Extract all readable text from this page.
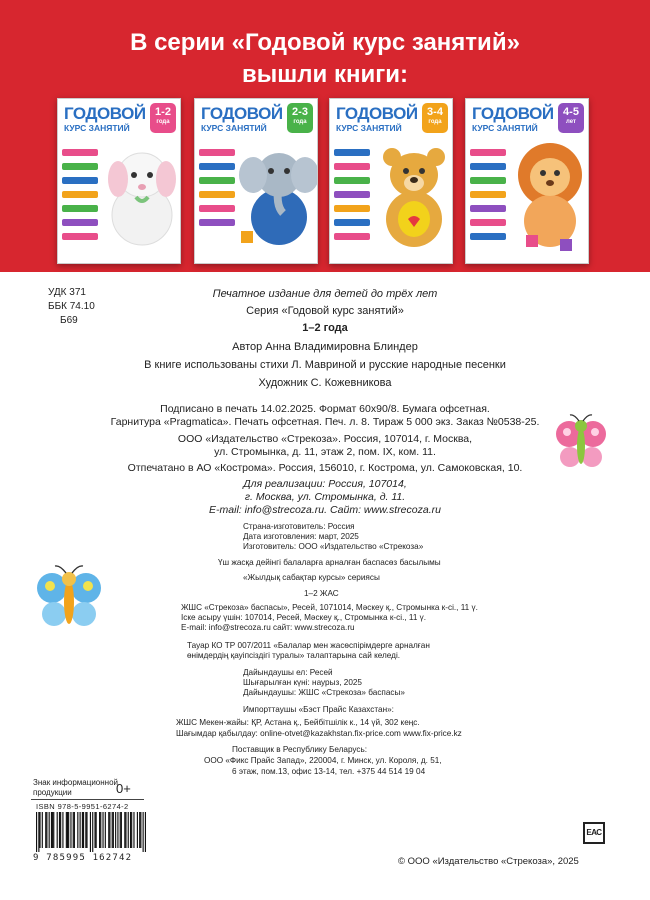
В серии «Годовой курс занятий»
вышли книги:
ГОДОВОЙ
КУРС ЗАНЯТИЙ
1-2
года	ГОДОВОЙ
КУРС ЗАНЯТИЙ
2-3
года	ГОДОВОЙ
КУРС ЗАНЯТИЙ
3-4
года	ГОДОВОЙ
КУРС ЗАНЯТИЙ
4-5
лет
УДК 371
ББК 74.10
Б69
Печатное издание для детей до трёх лет
Серия «Годовой курс занятий»
1–2 года
Автор Анна Владимировна Блиндер
В книге использованы стихи Л. Мавриной и русские народные песенки
Художник С. Кожевникова
Подписано в печать 14.02.2025. Формат 60х90/8. Бумага офсетная.
Гарнитура «Pragmatica». Печать офсетная. Печ. л. 8. Тираж 5 000 экз. Заказ №0538-25.
ООО «Издательство «Стрекоза». Россия, 107014, г. Москва,
ул. Стромынка, д. 11, этаж 2, пом. IX, ком. 11.
Отпечатано в АО «Кострома». Россия, 156010, г. Кострома, ул. Самоковская, 10.
Для реализации: Россия, 107014,
г. Москва, ул. Стромынка, д. 11.
E-mail: info@strecoza.ru. Сайт: www.strecoza.ru
Страна-изготовитель: Россия
Дата изготовления: март, 2025
Изготовитель: ООО «Издательство «Стрекоза»
Үш жасқа дейінгі балаларға арналған баспасөз басылымы
«Жылдық сабақтар курсы» сериясы
1–2 ЖАС
ЖШС «Стрекоза» баспасы», Ресей, 1071014, Мәскеу қ., Стромынка к-сі., 11 ү.
Іске асыру үшін: 107014, Ресей, Мәскеу қ., Стромынка к-сі., 11 ү.
E-mail: info@strecoza.ru сайт: www.strecoza.ru
Тауар КО ТР 007/2011 «Балалар мен жасөспірімдерге арналған
өнімдердің қауіпсіздігі туралы» талаптарына сай келеді.
Дайындаушы ел: Ресей
Шығарылған күні: наурыз, 2025
Дайындаушы: ЖШС «Стрекоза» баспасы»
Импорттаушы «Бэст Прайс Казахстан»:
ЖШС Мекен-жайы: ҚР, Астана қ., Бейбітшілік к., 14 үй, 302 кеңс.
Шағымдар қабылдау: online-otvet@kazakhstan.fix-price.com www.fix-price.kz
Поставщик в Республику Беларусь:
ООО «Фикс Прайс Запад», 220004, г. Минск, ул. Короля, д. 51,
6 этаж, пом.13, офис 13-14, тел. +375 44 514 19 04
Знак информационной
продукции	0+
ISBN 978-5-9951-6274-2
9 785995 162742
ЕАС
© ООО «Издательство «Стрекоза», 2025
